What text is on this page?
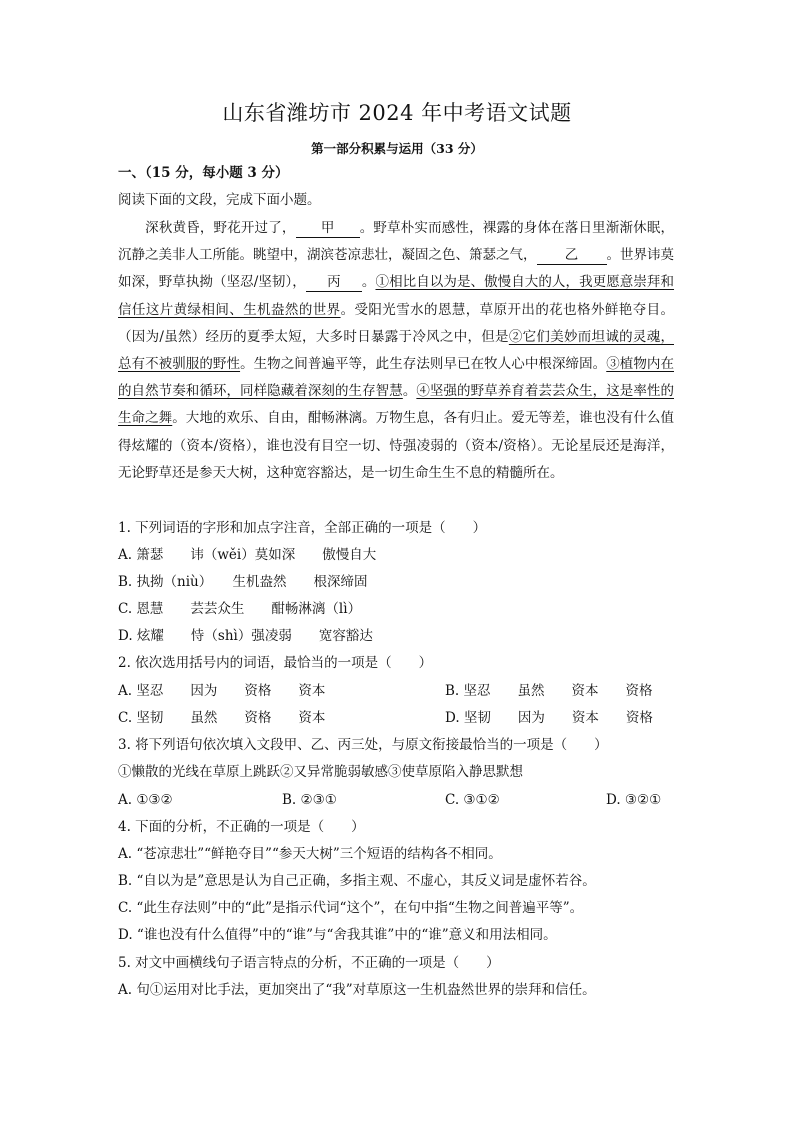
山东省潍坊市 2024 年中考语文试题
第一部分积累与运用（33 分）
一、（15 分，每小题 3 分）
阅读下面的文段，完成下面小题。
深秋黄昏，野花开过了， 甲 。野草朴实而感性，裸露的身体在落日里渐渐休眠，沉静之美非人工所能。眺望中，湖滨苍凉悲壮，凝固之色、箫瑟之气， 乙 。世界讳莫如深，野草执拗（坚忍/坚韧）， 丙 。①相比自以为是、傲慢自大的人，我更愿意崇拜和信任这片黄绿相间、生机盎然的世界。受阳光雪水的恩慧，草原开出的花也格外鲜艳夺目。（因为/虽然）经历的夏季太短，大多时日暴露于冷风之中，但是②它们美妙而坦诚的灵魂，总有不被驯服的野性。生物之间普遍平等，此生存法则早已在牧人心中根深缔固。③植物内在的自然节奏和循环，同样隐藏着深刻的生存智慧。④坚强的野草养育着芸芸众生，这是率性的生命之舞。大地的欢乐、自由，酣畅淋漓。万物生息，各有归止。爱无等差，谁也没有什么值得炫耀的（资本/资格），谁也没有目空一切、恃强凌弱的（资本/资格）。无论星辰还是海洋，无论野草还是参天大树，这种宽容豁达，是一切生命生生不息的精髓所在。
1. 下列词语的字形和加点字注音，全部正确的一项是（　　）
A. 箫瑟　　讳（wěi）莫如深　　傲慢自大
B. 执拗（niù）　　生机盎然　　根深缔固
C. 恩慧　　芸芸众生　　酣畅淋漓（lì）
D. 炫耀　　恃（shì）强凌弱　　宽容豁达
2. 依次选用括号内的词语，最恰当的一项是（　　）
A. 坚忍　　因为　　资格　　资本	B. 坚忍　　虽然　　资本　　资格
C. 坚韧　　虽然　　资格　　资本	D. 坚韧　　因为　　资本　　资格
3. 将下列语句依次填入文段甲、乙、丙三处，与原文衔接最恰当的一项是（　　）
①懒散的光线在草原上跳跃②又异常脆弱敏感③使草原陷入静思默想
A. ①③②	B. ②③①	C. ③①②	D. ③②①
4. 下面的分析，不正确的一项是（　　）
A. “苍凉悲壮”“鲜艳夺目”“参天大树”三个短语的结构各不相同。
B. “自以为是”意思是认为自己正确，多指主观、不虚心，其反义词是虚怀若谷。
C. “此生存法则”中的“此”是指示代词“这个”，在句中指“生物之间普遍平等”。
D. “谁也没有什么值得”中的“谁”与“舍我其谁”中的“谁”意义和用法相同。
5. 对文中画横线句子语言特点的分析，不正确的一项是（　　）
A. 句①运用对比手法，更加突出了“我”对草原这一生机盎然世界的崇拜和信任。
